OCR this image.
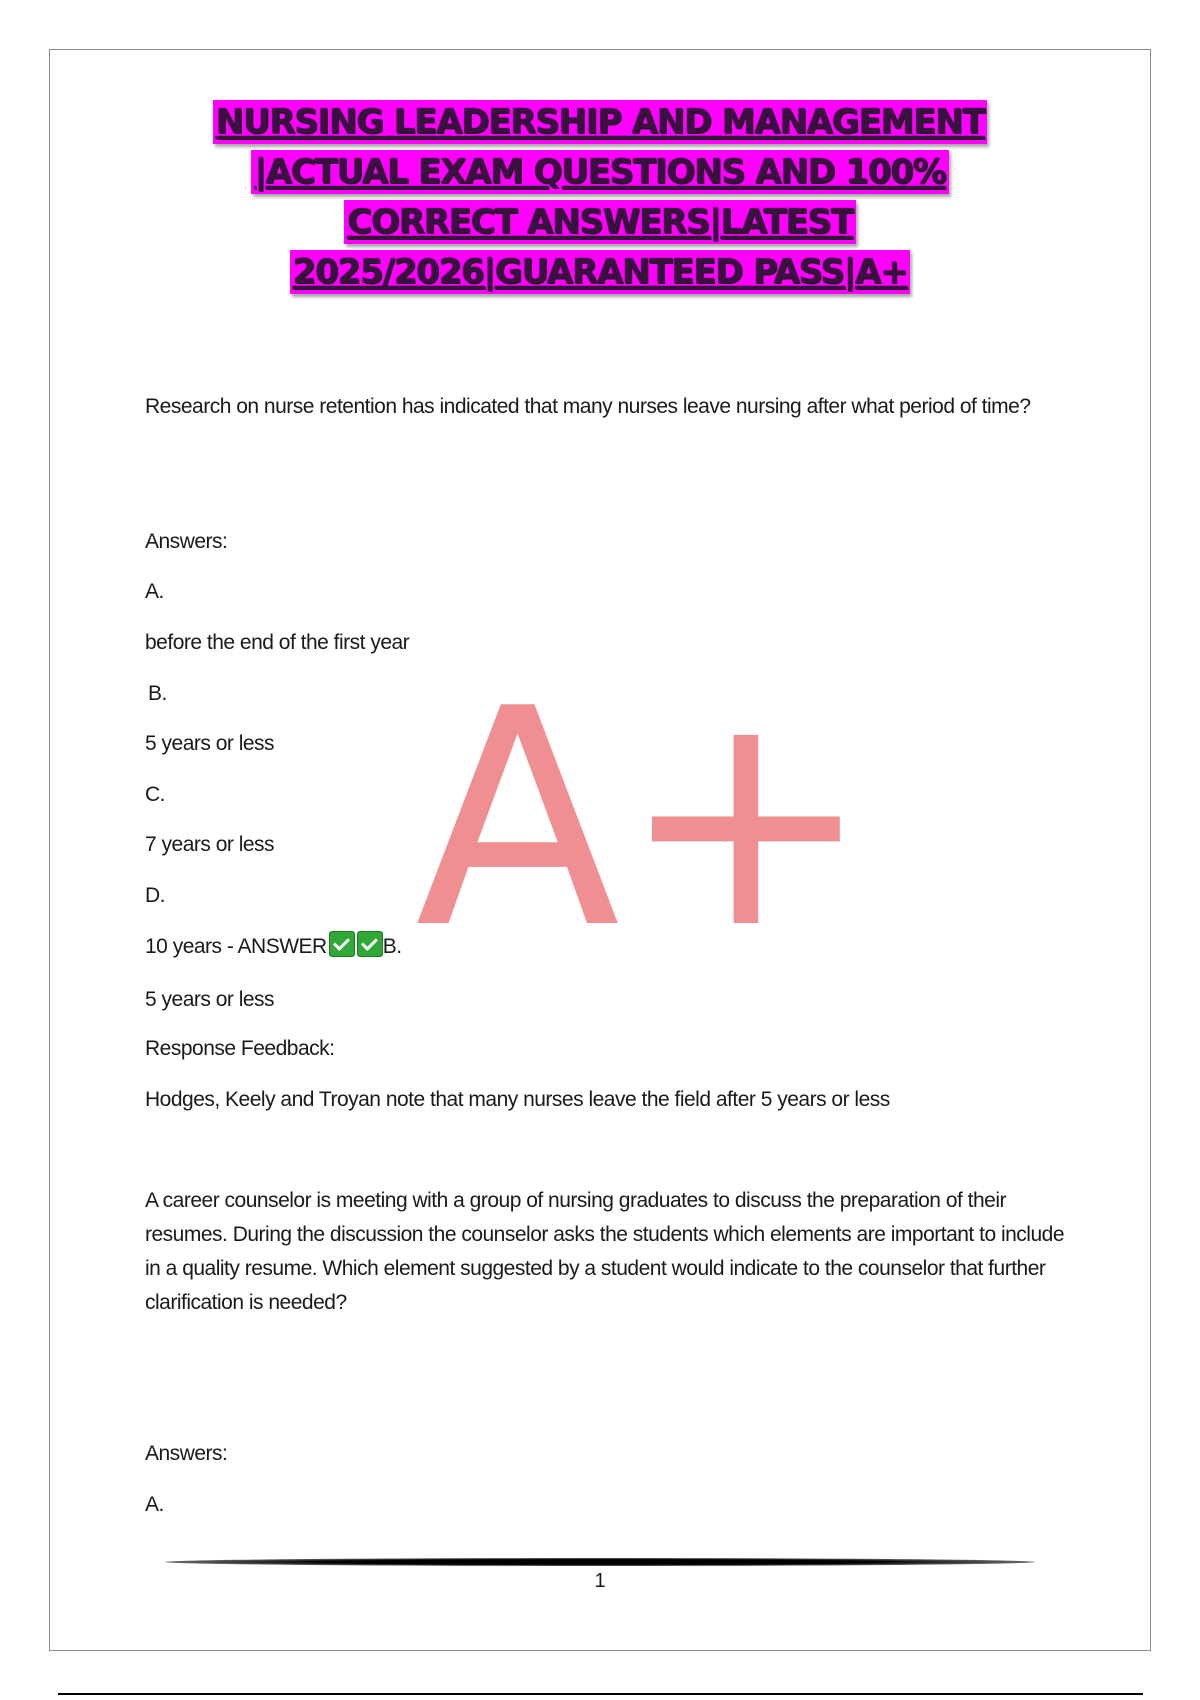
NURSING LEADERSHIP AND MANAGEMENT
|ACTUAL EXAM QUESTIONS AND 100%
CORRECT ANSWERS|LATEST
2025/2026|GUARANTEED PASS|A+
A+
Research on nurse retention has indicated that many nurses leave nursing after what period of time?
Answers:
A.
before the end of the first year
B.
5 years or less
C.
7 years or less
D.
10 years - ANSWER	B.
5 years or less
Response Feedback:
Hodges, Keely and Troyan note that many nurses leave the field after 5 years or less
A career counselor is meeting with a group of nursing graduates to discuss the preparation of their resumes. During the discussion the counselor asks the students which elements are important to include in a quality resume. Which element suggested by a student would indicate to the counselor that further clarification is needed?
Answers:
A.
1
